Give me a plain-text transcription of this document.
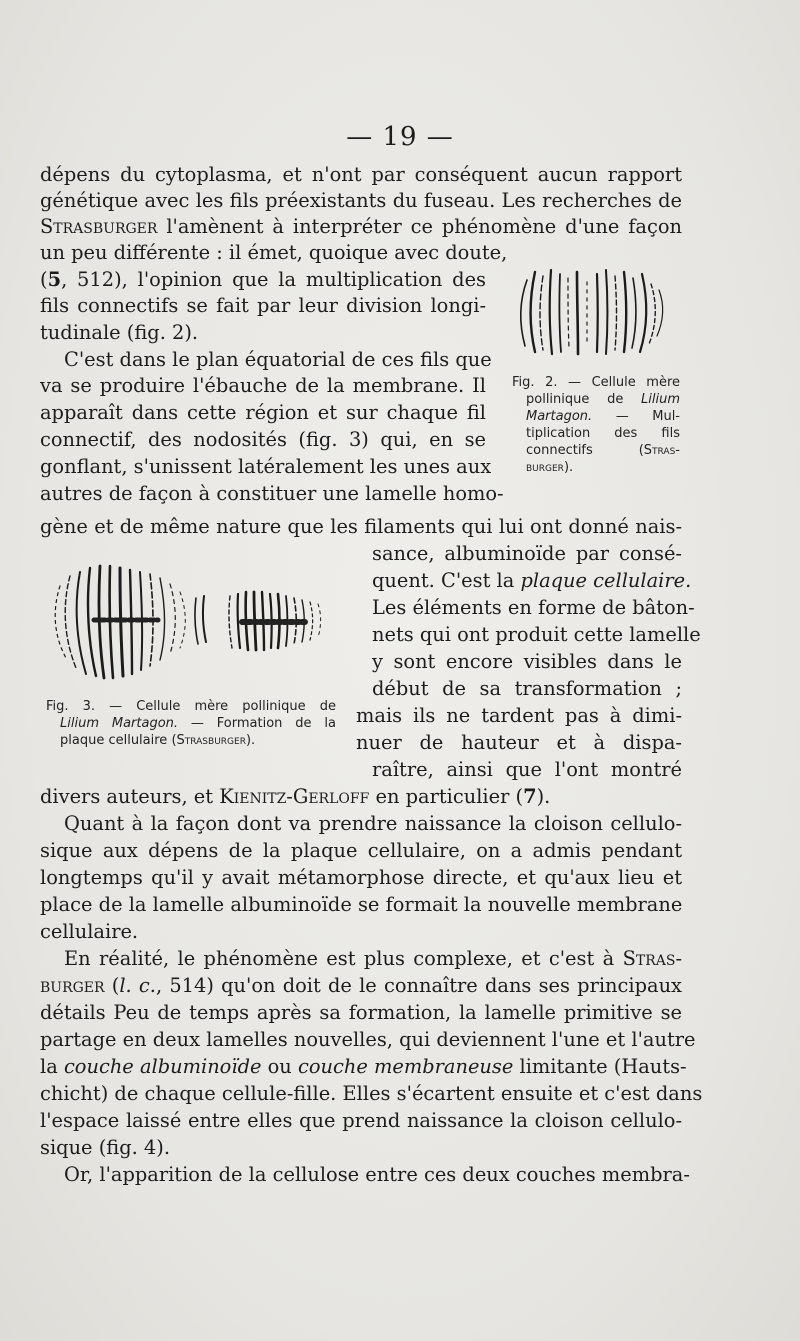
— 19 —
dépens du cytoplasma, et n'ont par conséquent aucun rapport
génétique avec les fils préexistants du fuseau. Les recherches de
Strasburger l'amènent à interpréter ce phénomène d'une façon
un peu différente : il émet, quoique avec doute,
(5, 512), l'opinion que la multiplication des
fils connectifs se fait par leur division longi-
tudinale (fig. 2).
C'est dans le plan équatorial de ces fils que
va se produire l'ébauche de la membrane. Il
apparaît dans cette région et sur chaque fil
connectif, des nodosités (fig. 3) qui, en se
gonflant, s'unissent latéralement les unes aux
autres de façon à constituer une lamelle homo-
Fig. 2. — Cellule mère
pollinique de Lilium
Martagon. — Mul-
tiplication des fils
connectifs (Stras-
burger).
gène et de même nature que les filaments qui lui ont donné nais-
sance, albuminoïde par consé-
quent. C'est la plaque cellulaire.
Les éléments en forme de bâton-
nets qui ont produit cette lamelle
y sont encore visibles dans le
début de sa transformation ;
mais ils ne tardent pas à dimi-
nuer de hauteur et à dispa-
raître, ainsi que l'ont montré
Fig. 3. — Cellule mère pollinique de
Lilium Martagon. — Formation de la
plaque cellulaire (Strasburger).
divers auteurs, et Kienitz-Gerloff en particulier (7).
Quant à la façon dont va prendre naissance la cloison cellulo-
sique aux dépens de la plaque cellulaire, on a admis pendant
longtemps qu'il y avait métamorphose directe, et qu'aux lieu et
place de la lamelle albuminoïde se formait la nouvelle membrane
cellulaire.
En réalité, le phénomène est plus complexe, et c'est à Stras-
burger (l. c., 514) qu'on doit de le connaître dans ses principaux
détails Peu de temps après sa formation, la lamelle primitive se
partage en deux lamelles nouvelles, qui deviennent l'une et l'autre
la couche albuminoïde ou couche membraneuse limitante (Hauts-
chicht) de chaque cellule-fille. Elles s'écartent ensuite et c'est dans
l'espace laissé entre elles que prend naissance la cloison cellulo-
sique (fig. 4).
Or, l'apparition de la cellulose entre ces deux couches membra-
